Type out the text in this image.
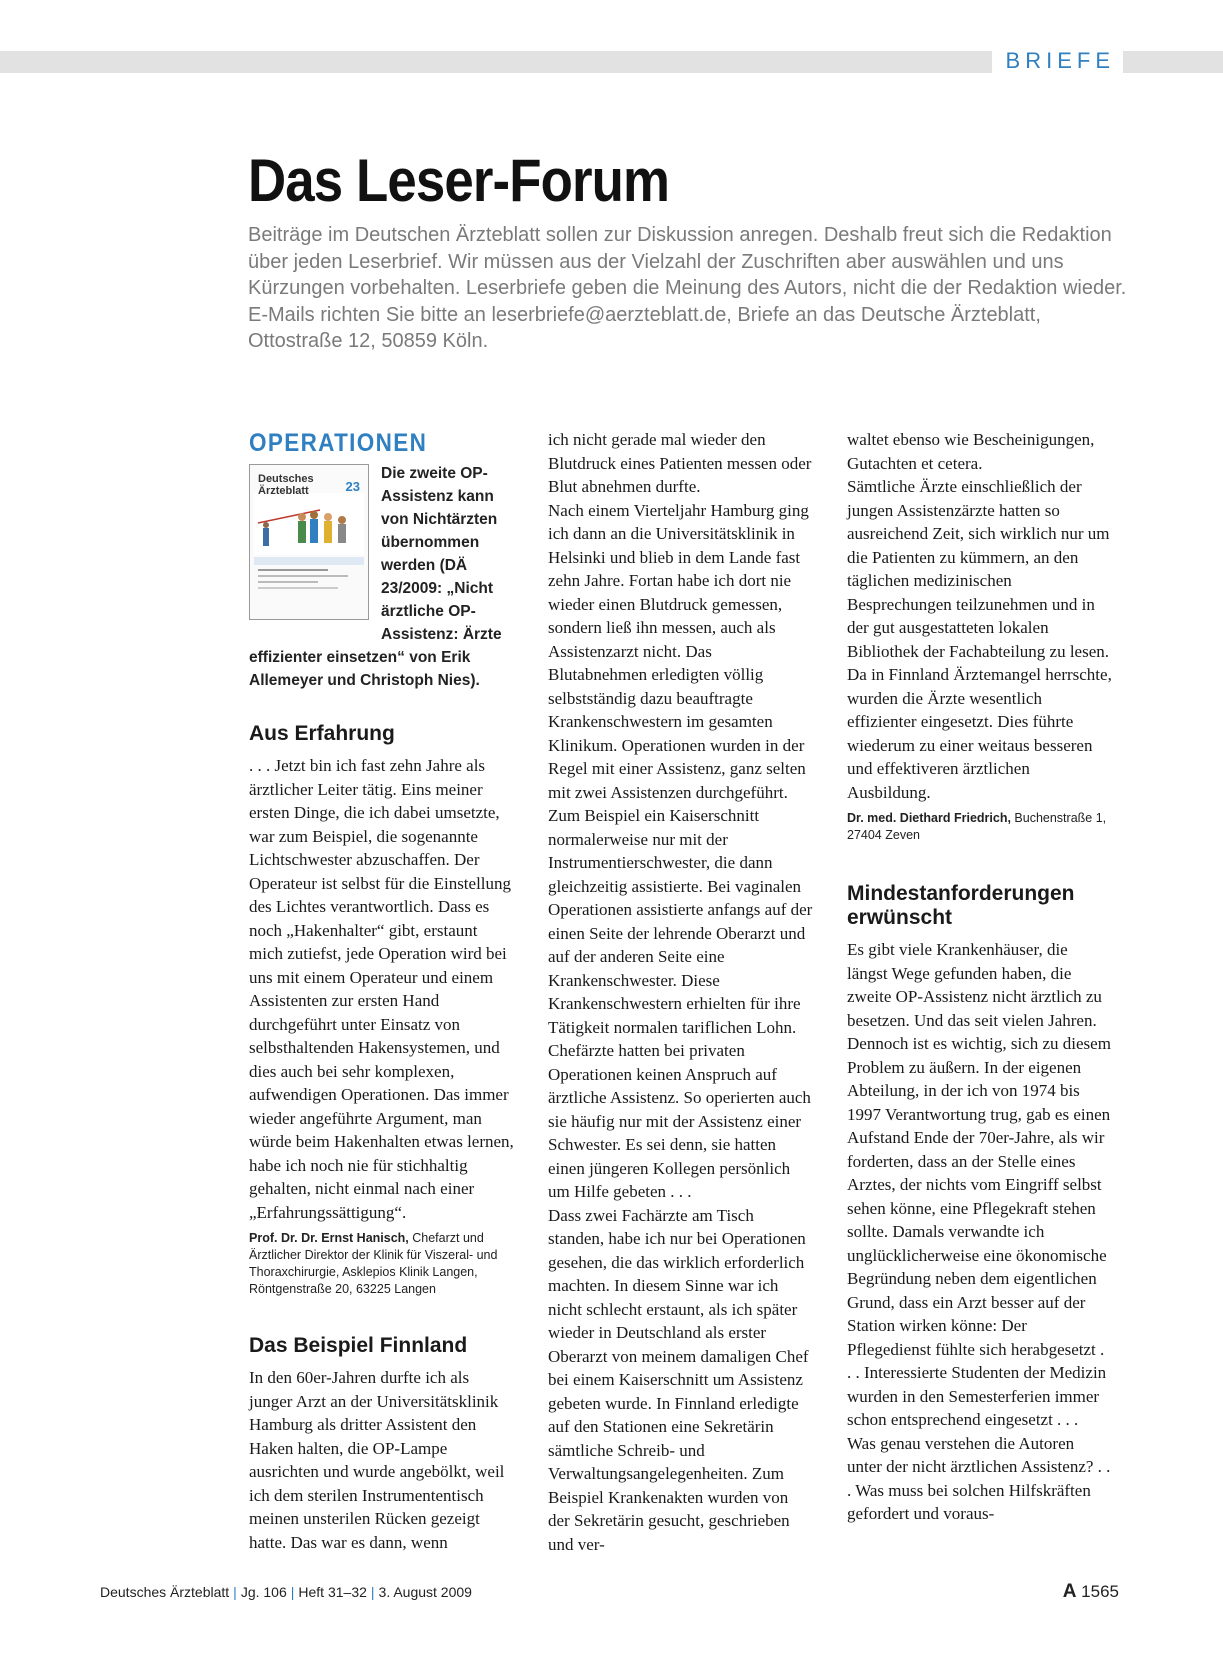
BRIEFE
Das Leser-Forum

Beiträge im Deutschen Ärzteblatt sollen zur Diskussion anregen. Deshalb freut sich die Redaktion über jeden Leserbrief. Wir müssen aus der Vielzahl der Zuschriften aber auswählen und uns Kürzungen vorbehalten. Leserbriefe geben die Meinung des Autors, nicht die der Redaktion wieder. E-Mails richten Sie bitte an leserbriefe@aerzteblatt.de, Briefe an das Deutsche Ärzteblatt, Ottostraße 12, 50859 Köln.

OPERATIONEN
Deutsches
Ärzteblatt	23

Die zweite OP-Assistenz kann von Nichtärzten übernommen werden (DÄ 23/2009: „Nicht ärztliche OP-Assistenz: Ärzte effizienter einsetzen“ von Erik Allemeyer und Christoph Nies).

Aus Erfahrung

. . . Jetzt bin ich fast zehn Jahre als ärztlicher Leiter tätig. Eins meiner ersten Dinge, die ich dabei umsetzte, war zum Beispiel, die sogenannte Lichtschwester abzuschaffen. Der Operateur ist selbst für die Einstellung des Lichtes verantwortlich. Dass es noch „Hakenhalter“ gibt, erstaunt mich zutiefst, jede Operation wird bei uns mit einem Operateur und einem Assistenten zur ersten Hand durchgeführt unter Einsatz von selbsthaltenden Hakensystemen, und dies auch bei sehr komplexen, aufwendigen Operationen. Das immer wieder angeführte Argument, man würde beim Hakenhalten etwas lernen, habe ich noch nie für stichhaltig gehalten, nicht einmal nach einer „Erfahrungssättigung“.

Prof. Dr. Dr. Ernst Hanisch, Chefarzt und Ärztlicher Direktor der Klinik für Viszeral- und Thoraxchirurgie, Asklepios Klinik Langen, Röntgenstraße 20, 63225 Langen

Das Beispiel Finnland

In den 60er-Jahren durfte ich als junger Arzt an der Universitätsklinik Hamburg als dritter Assistent den Haken halten, die OP-Lampe ausrichten und wurde angebölkt, weil ich dem sterilen Instrumententisch meinen unsterilen Rücken gezeigt hatte. Das war es dann, wenn

ich nicht gerade mal wieder den Blutdruck eines Patienten messen oder Blut abnehmen durfte.

Nach einem Vierteljahr Hamburg ging ich dann an die Universitätsklinik in Helsinki und blieb in dem Lande fast zehn Jahre. Fortan habe ich dort nie wieder einen Blutdruck gemessen, sondern ließ ihn messen, auch als Assistenzarzt nicht. Das Blutabnehmen erledigten völlig selbstständig dazu beauftragte Krankenschwestern im gesamten Klinikum. Operationen wurden in der Regel mit einer Assistenz, ganz selten mit zwei Assistenzen durchgeführt. Zum Beispiel ein Kaiserschnitt normalerweise nur mit der Instrumentierschwester, die dann gleichzeitig assistierte. Bei vaginalen Operationen assistierte anfangs auf der einen Seite der lehrende Oberarzt und auf der anderen Seite eine Krankenschwester. Diese Krankenschwestern erhielten für ihre Tätigkeit normalen tariflichen Lohn. Chefärzte hatten bei privaten Operationen keinen Anspruch auf ärztliche Assistenz. So operierten auch sie häufig nur mit der Assistenz einer Schwester. Es sei denn, sie hatten einen jüngeren Kollegen persönlich um Hilfe gebeten . . .

Dass zwei Fachärzte am Tisch standen, habe ich nur bei Operationen gesehen, die das wirklich erforderlich machten. In diesem Sinne war ich nicht schlecht erstaunt, als ich später wieder in Deutschland als erster Oberarzt von meinem damaligen Chef bei einem Kaiserschnitt um Assistenz gebeten wurde. In Finnland erledigte auf den Stationen eine Sekretärin sämtliche Schreib- und Verwaltungsangelegenheiten. Zum Beispiel Krankenakten wurden von der Sekretärin gesucht, geschrieben und ver-

waltet ebenso wie Bescheinigungen, Gutachten et cetera.

Sämtliche Ärzte einschließlich der jungen Assistenzärzte hatten so ausreichend Zeit, sich wirklich nur um die Patienten zu kümmern, an den täglichen medizinischen Besprechungen teilzunehmen und in der gut ausgestatteten lokalen Bibliothek der Fachabteilung zu lesen. Da in Finnland Ärztemangel herrschte, wurden die Ärzte wesentlich effizienter eingesetzt. Dies führte wiederum zu einer weitaus besseren und effektiveren ärztlichen Ausbildung.

Dr. med. Diethard Friedrich, Buchenstraße 1, 27404 Zeven

Mindestanforderungen erwünscht

Es gibt viele Krankenhäuser, die längst Wege gefunden haben, die zweite OP-Assistenz nicht ärztlich zu besetzen. Und das seit vielen Jahren. Dennoch ist es wichtig, sich zu diesem Problem zu äußern. In der eigenen Abteilung, in der ich von 1974 bis 1997 Verantwortung trug, gab es einen Aufstand Ende der 70er-Jahre, als wir forderten, dass an der Stelle eines Arztes, der nichts vom Eingriff selbst sehen könne, eine Pflegekraft stehen sollte. Damals verwandte ich unglücklicherweise eine ökonomische Begründung neben dem eigentlichen Grund, dass ein Arzt besser auf der Station wirken könne: Der Pflegedienst fühlte sich herabgesetzt . . . Interessierte Studenten der Medizin wurden in den Semesterferien immer schon entsprechend eingesetzt . . .

Was genau verstehen die Autoren unter der nicht ärztlichen Assistenz? . . . Was muss bei solchen Hilfskräften gefordert und voraus-

Deutsches Ärzteblatt | Jg. 106 | Heft 31–32 | 3. August 2009	A 1565
